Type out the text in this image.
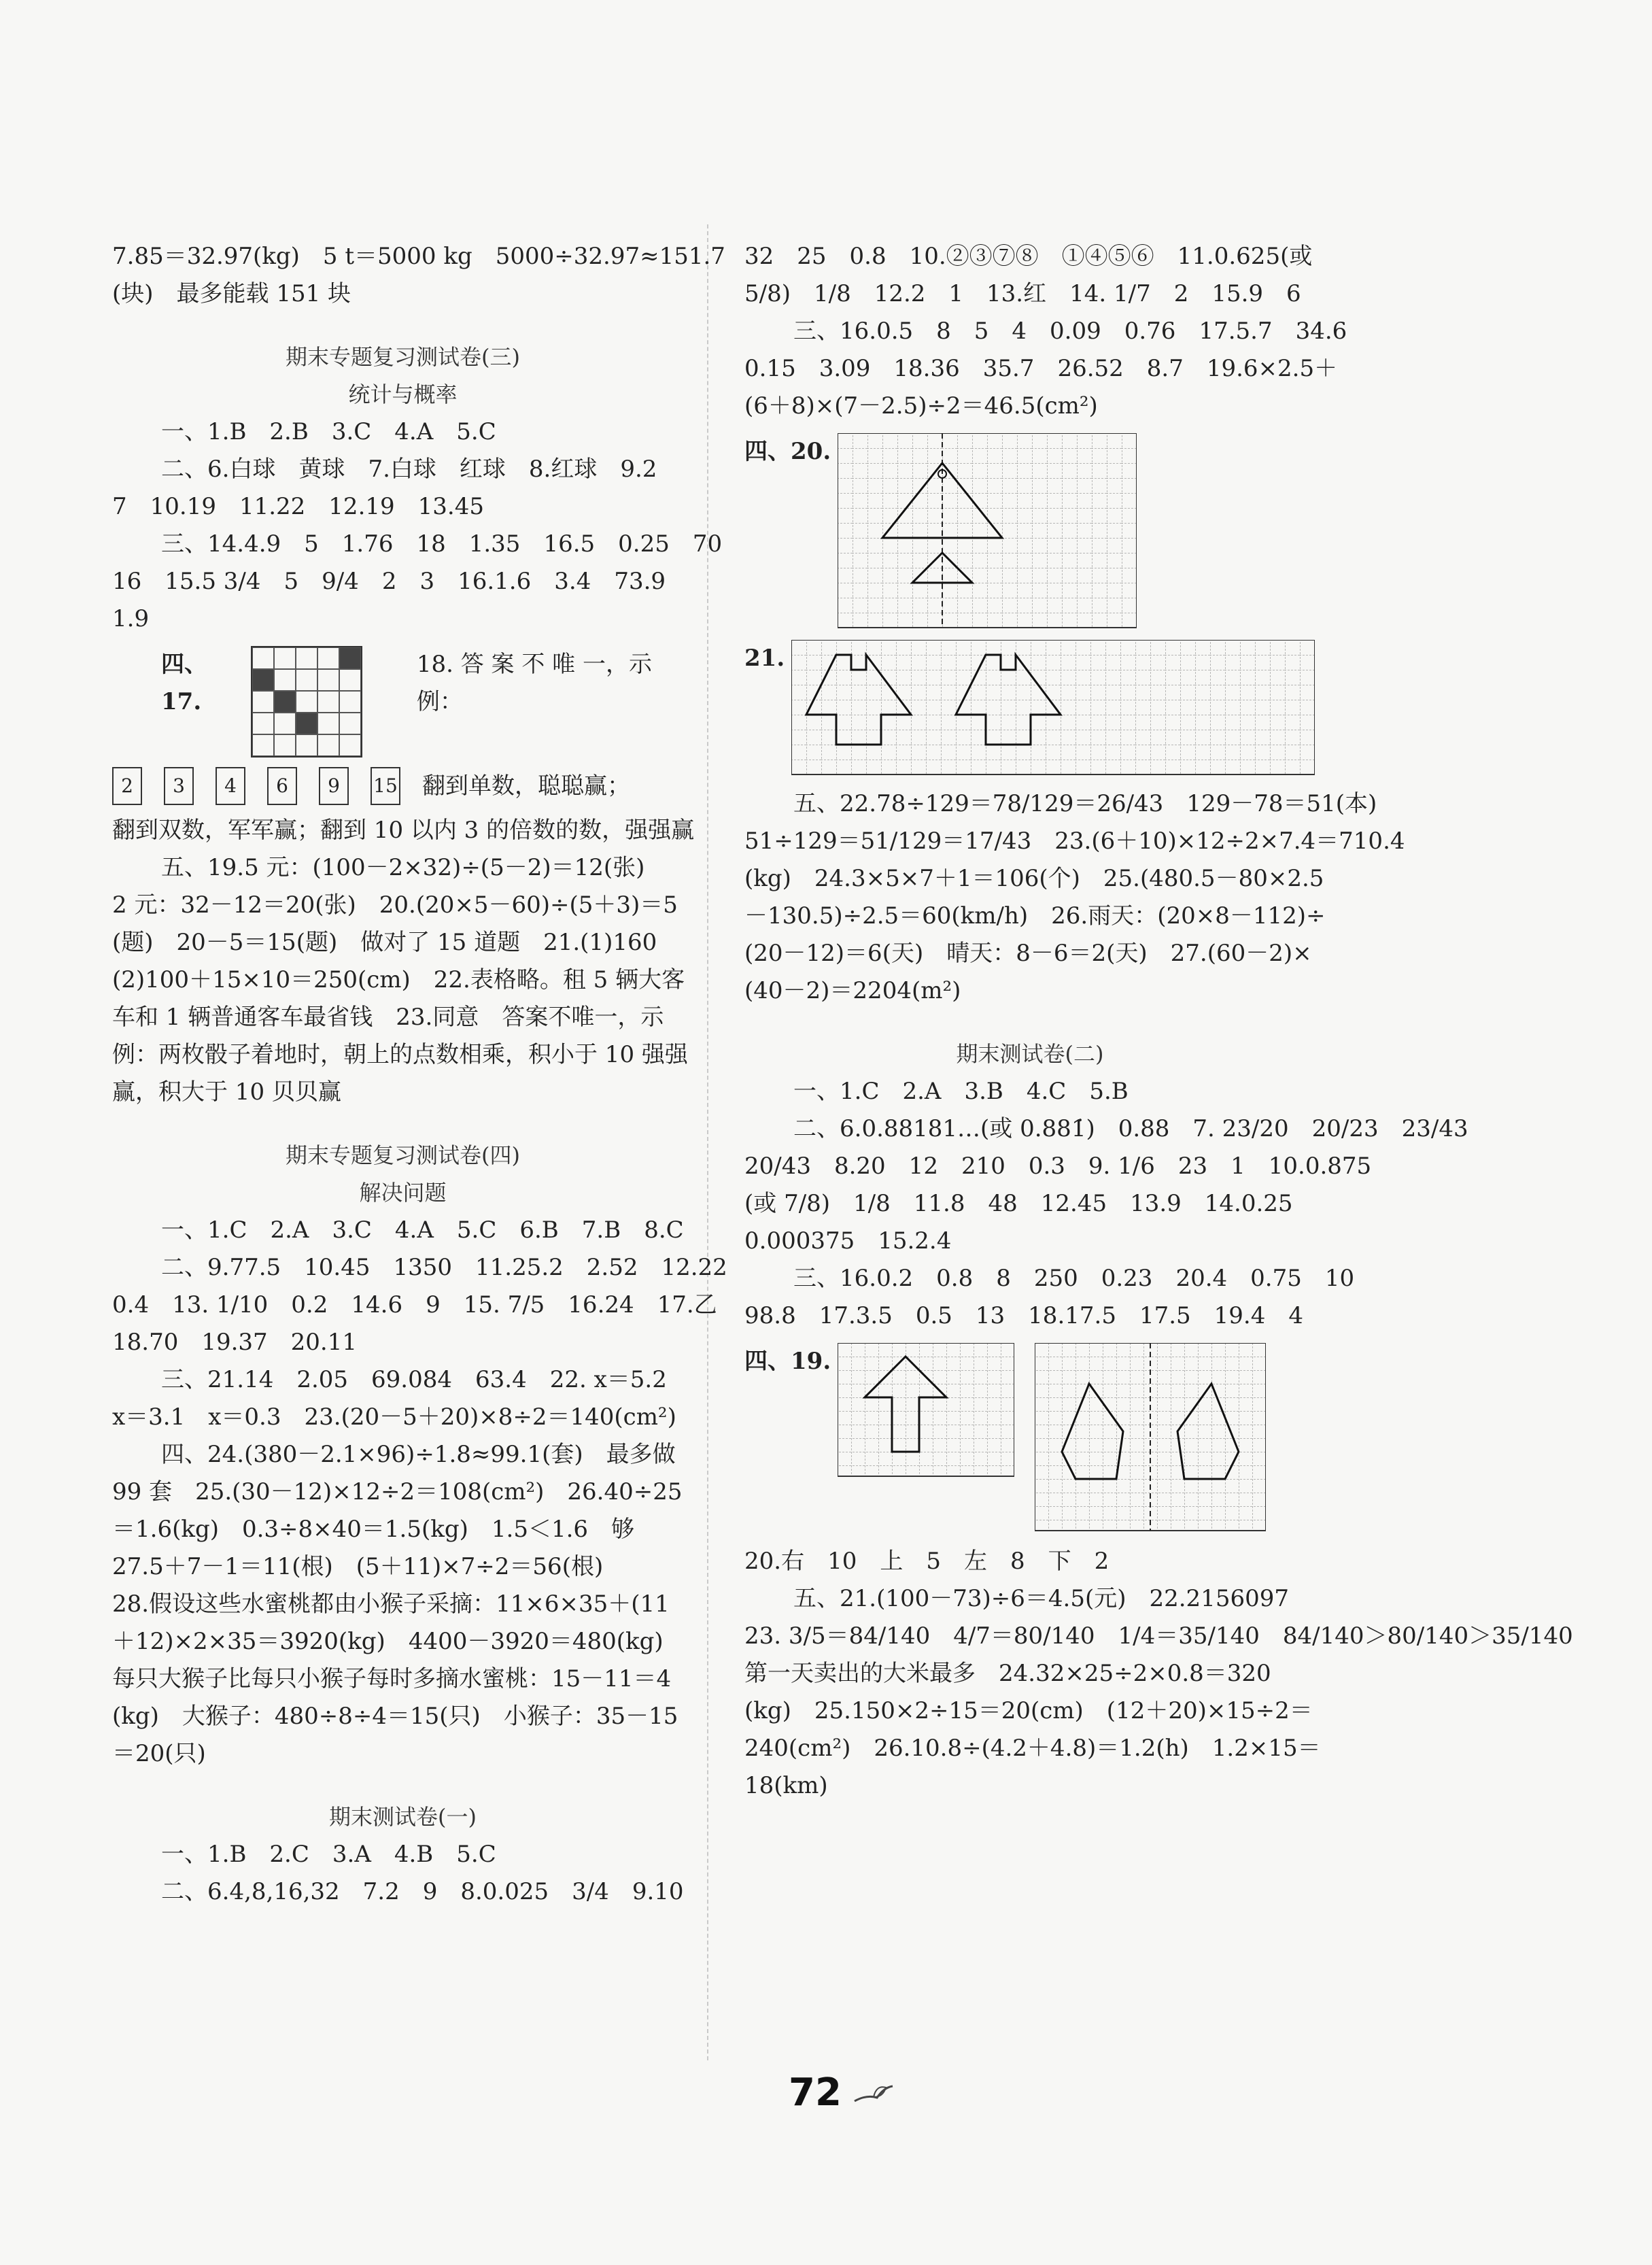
7.85＝32.97(kg)　5 t＝5000 kg　5000÷32.97≈151.7
(块)　最多能载 151 块
期末专题复习测试卷(三)
统计与概率
一、1.B　2.B　3.C　4.A　5.C
二、6.白球　黄球　7.白球　红球　8.红球　9.2
7　10.19　11.22　12.19　13.45
三、14.4.9　5　1.76　18　1.35　16.5　0.25　70
16　15.5 3/4　5　9/4　2　3　16.1.6　3.4　73.9
1.9
四、17.
18. 答 案 不 唯 一，示 例：
2	3	4	6	9	15 翻到单数，聪聪赢；
翻到双数，军军赢；翻到 10 以内 3 的倍数的数，强强赢
五、19.5 元：(100－2×32)÷(5－2)＝12(张)
2 元：32－12＝20(张)　20.(20×5－60)÷(5＋3)＝5
(题)　20－5＝15(题)　做对了 15 道题　21.(1)160
(2)100＋15×10＝250(cm)　22.表格略。租 5 辆大客
车和 1 辆普通客车最省钱　23.同意　答案不唯一，示
例：两枚骰子着地时，朝上的点数相乘，积小于 10 强强
赢，积大于 10 贝贝赢
期末专题复习测试卷(四)
解决问题
一、1.C　2.A　3.C　4.A　5.C　6.B　7.B　8.C
二、9.77.5　10.45　1350　11.25.2　2.52　12.22
0.4　13. 1/10　0.2　14.6　9　15. 7/5　16.24　17.乙
18.70　19.37　20.11
三、21.14　2.05　69.084　63.4　22. x＝5.2
x＝3.1　x＝0.3　23.(20－5＋20)×8÷2＝140(cm²)
四、24.(380－2.1×96)÷1.8≈99.1(套)　最多做
99 套　25.(30－12)×12÷2＝108(cm²)　26.40÷25
＝1.6(kg)　0.3÷8×40＝1.5(kg)　1.5＜1.6　够
27.5＋7－1＝11(根)　(5＋11)×7÷2＝56(根)
28.假设这些水蜜桃都由小猴子采摘：11×6×35＋(11
＋12)×2×35＝3920(kg)　4400－3920＝480(kg)
每只大猴子比每只小猴子每时多摘水蜜桃：15－11＝4
(kg)　大猴子：480÷8÷4＝15(只)　小猴子：35－15
＝20(只)
期末测试卷(一)
一、1.B　2.C　3.A　4.B　5.C
二、6.4,8,16,32　7.2　9　8.0.025　3/4　9.10
32　25　0.8　10.②③⑦⑧　①④⑤⑥　11.0.625(或
5/8)　1/8　12.2　1　13.红　14. 1/7　2　15.9　6
三、16.0.5　8　5　4　0.09　0.76　17.5.7　34.6
0.15　3.09　18.36　35.7　26.52　8.7　19.6×2.5＋
(6＋8)×(7－2.5)÷2＝46.5(cm²)
四、20.
21.
五、22.78÷129＝78/129＝26/43　129－78＝51(本)
51÷129＝51/129＝17/43　23.(6＋10)×12÷2×7.4＝710.4
(kg)　24.3×5×7＋1＝106(个)　25.(480.5－80×2.5
－130.5)÷2.5＝60(km/h)　26.雨天：(20×8－112)÷
(20－12)＝6(天)　晴天：8－6＝2(天)　27.(60－2)×
(40－2)＝2204(m²)
期末测试卷(二)
一、1.C　2.A　3.B　4.C　5.B
二、6.0.88181…(或 0.881̇)　0.88　7. 23/20　20/23　23/43
20/43　8.20　12　210　0.3　9. 1/6　23　1　10.0.875
(或 7/8)　1/8　11.8　48　12.45　13.9　14.0.25
0.000375　15.2.4
三、16.0.2　0.8　8　250　0.23　20.4　0.75　10
98.8　17.3.5　0.5　13　18.17.5　17.5　19.4　4
四、19.
20.右　10　上　5　左　8　下　2
五、21.(100－73)÷6＝4.5(元)　22.2156097
23. 3/5＝84/140　4/7＝80/140　1/4＝35/140　84/140＞80/140＞35/140
第一天卖出的大米最多　24.32×25÷2×0.8＝320
(kg)　25.150×2÷15＝20(cm)　(12＋20)×15÷2＝
240(cm²)　26.10.8÷(4.2＋4.8)＝1.2(h)　1.2×15＝
18(km)
72
